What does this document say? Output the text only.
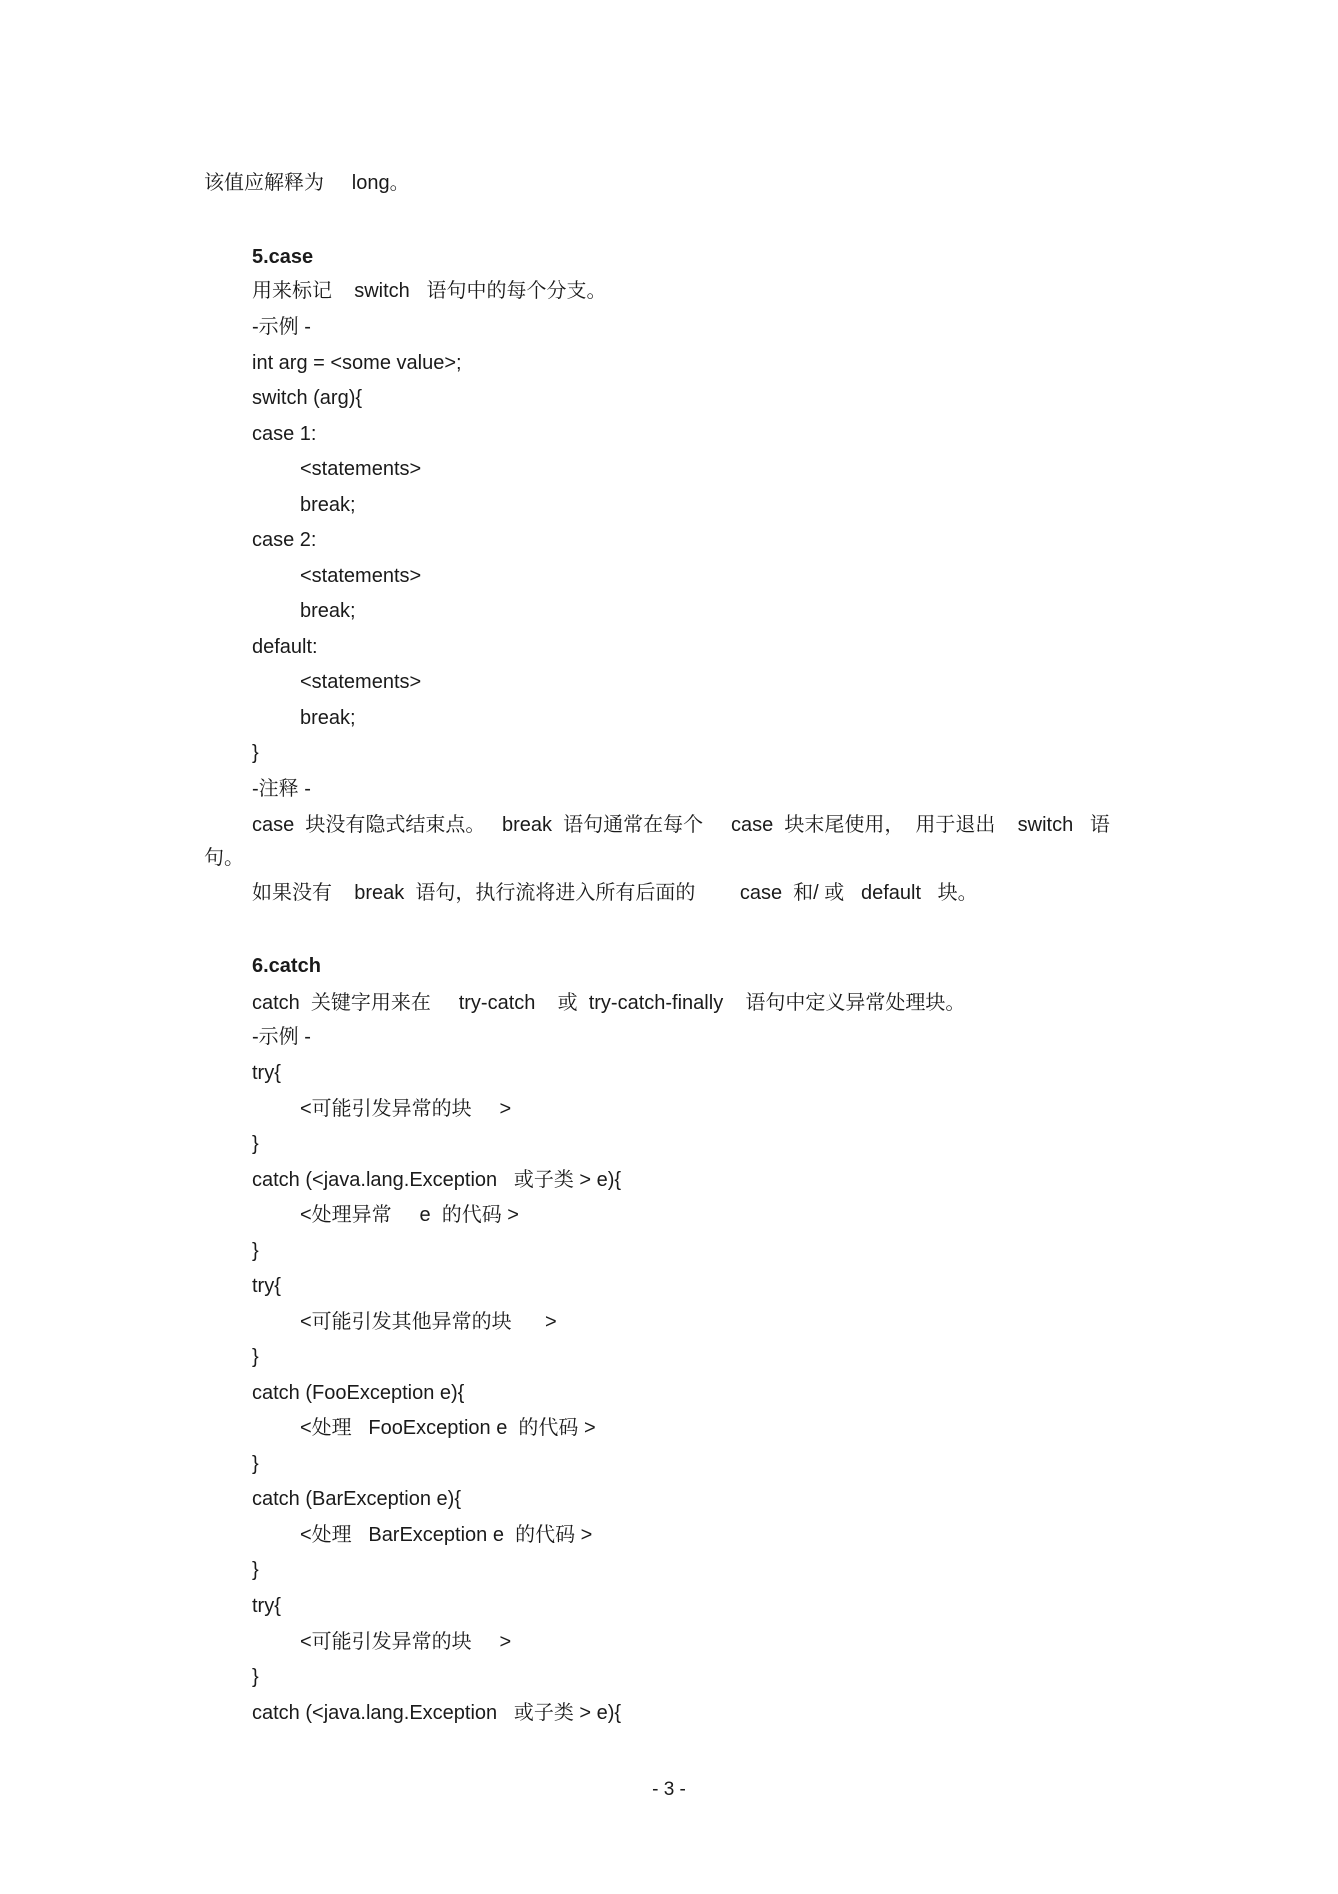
该值应解释为     long。
5.case
用来标记    switch   语句中的每个分支。
-示例 -
int arg = <some value>;
switch (arg){
case 1:
<statements>
break;
case 2:
<statements>
break;
default:
<statements>
break;
}
-注释 -
case  块没有隐式结束点。   break  语句通常在每个     case  块末尾使用，  用于退出    switch   语
句。
如果没有    break  语句，执行流将进入所有后面的        case  和/ 或   default   块。
6.catch
catch  关键字用来在     try-catch    或  try-catch-finally    语句中定义异常处理块。
-示例 -
try{
<可能引发异常的块     >
}
catch (<java.lang.Exception   或子类 > e){
<处理异常     e  的代码 >
}
try{
<可能引发其他异常的块      >
}
catch (FooException e){
<处理   FooException e  的代码 >
}
catch (BarException e){
<处理   BarException e  的代码 >
}
try{
<可能引发异常的块     >
}
catch (<java.lang.Exception   或子类 > e){
- 3 -
